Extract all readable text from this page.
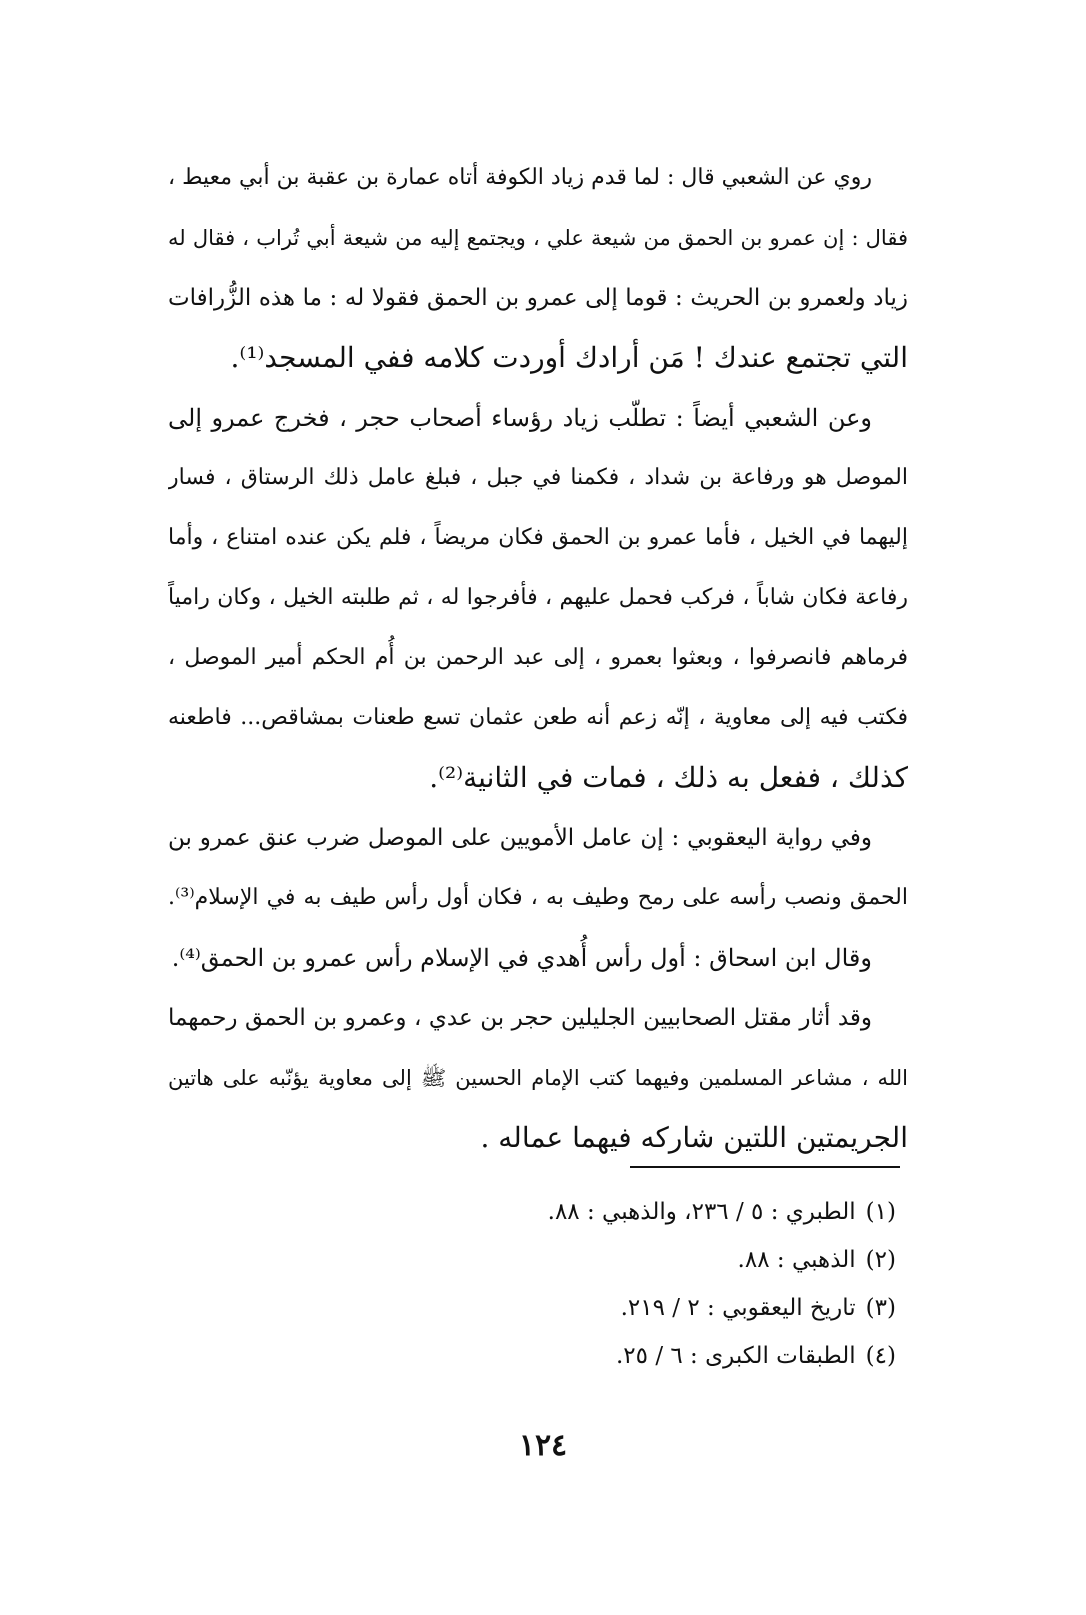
روي عن الشعبي قال : لما قدم زياد الكوفة أتاه عمارة بن عقبة بن أبي معيط ،
فقال : إن عمرو بن الحمق من شيعة علي ، ويجتمع إليه من شيعة أبي تُراب ، فقال له
زياد ولعمرو بن الحريث : قوما إلى عمرو بن الحمق فقولا له : ما هذه الزُّرافات
التي تجتمع عندك ! مَن أرادك أوردت كلامه ففي المسجد⁽¹⁾.
وعن الشعبي أيضاً : تطلّب زياد رؤساء أصحاب حجر ، فخرج عمرو إلى
الموصل هو ورفاعة بن شداد ، فكمنا في جبل ، فبلغ عامل ذلك الرستاق ، فسار
إليهما في الخيل ، فأما عمرو بن الحمق فكان مريضاً ، فلم يكن عنده امتناع ، وأما
رفاعة فكان شاباً ، فركب فحمل عليهم ، فأفرجوا له ، ثم طلبته الخيل ، وكان رامياً
فرماهم فانصرفوا ، وبعثوا بعمرو ، إلى عبد الرحمن بن أُم الحكم أمير الموصل ،
فكتب فيه إلى معاوية ، إنّه زعم أنه طعن عثمان تسع طعنات بمشاقص... فاطعنه
كذلك ، ففعل به ذلك ، فمات في الثانية⁽²⁾.
وفي رواية اليعقوبي : إن عامل الأمويين على الموصل ضرب عنق عمرو بن
الحمق ونصب رأسه على رمح وطيف به ، فكان أول رأس طيف به في الإسلام⁽³⁾.
وقال ابن اسحاق : أول رأس أُهدي في الإسلام رأس عمرو بن الحمق⁽⁴⁾.
وقد أثار مقتل الصحابيين الجليلين حجر بن عدي ، وعمرو بن الحمق رحمهما
الله ، مشاعر المسلمين وفيهما كتب الإمام الحسين ﷺ إلى معاوية يؤنّبه على هاتين
الجريمتين اللتين شاركه فيهما عماله .
(١)الطبري : ٥ / ٢٣٦، والذهبي : ٨٨.
(٢)الذهبي : ٨٨.
(٣)تاريخ اليعقوبي : ٢ / ٢١٩.
(٤)الطبقات الكبرى : ٦ / ٢٥.
١٢٤
